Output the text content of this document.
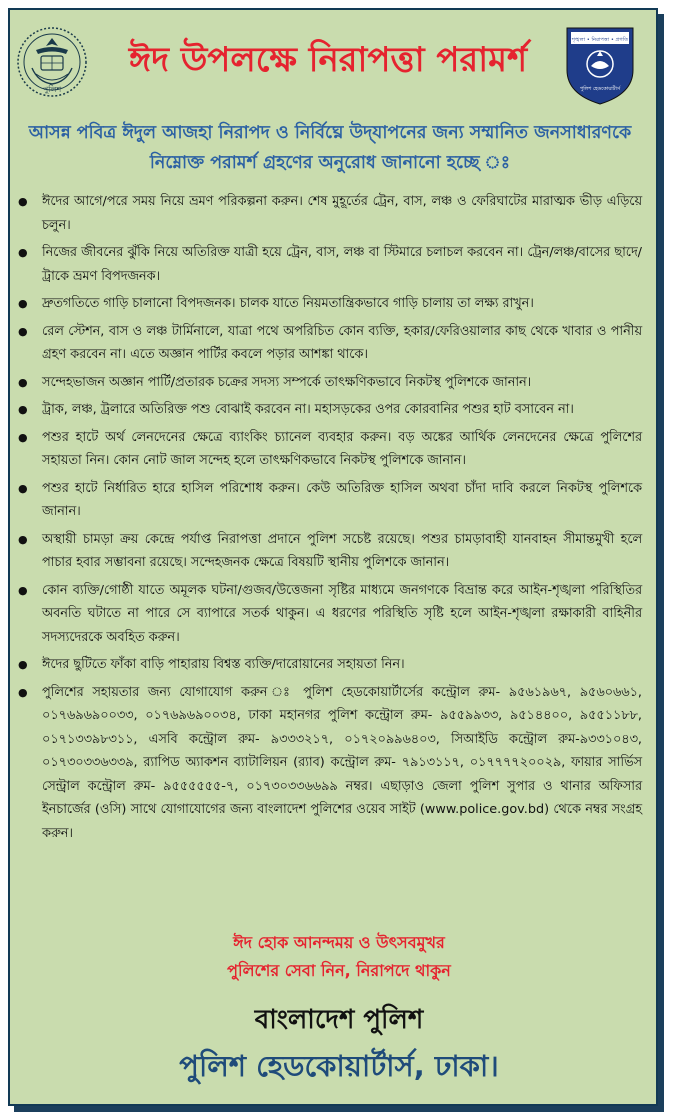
পুলিশ
ঈদ উপলক্ষে নিরাপত্তা পরামর্শ	শৃঙ্খলা • নিরাপত্তা • প্রগতি
পুলিশ হেডকোয়ার্টার্স
আসন্ন পবিত্র ঈদুল আজহা নিরাপদ ও নির্বিঘ্নে উদ্‌যাপনের জন্য সম্মানিত জনসাধারণকে নিম্নোক্ত পরামর্শ গ্রহণের অনুরোধ জানানো হচ্ছে ঃ
● ঈদের আগে/পরে সময় নিয়ে ভ্রমণ পরিকল্পনা করুন। শেষ মুহূর্তের ট্রেন, বাস, লঞ্চ ও ফেরিঘাটের মারাত্মক ভীড় এড়িয়ে চলুন।
● নিজের জীবনের ঝুঁকি নিয়ে অতিরিক্ত যাত্রী হয়ে ট্রেন, বাস, লঞ্চ বা স্টিমারে চলাচল করবেন না। ট্রেন/লঞ্চ/বাসের ছাদে/ট্রাকে ভ্রমণ বিপদজনক।
● দ্রুতগতিতে গাড়ি চালানো বিপদজনক। চালক যাতে নিয়মতান্ত্রিকভাবে গাড়ি চালায় তা লক্ষ্য রাখুন।
● রেল স্টেশন, বাস ও লঞ্চ টার্মিনালে, যাত্রা পথে অপরিচিত কোন ব্যক্তি, হকার/ফেরিওয়ালার কাছ থেকে খাবার ও পানীয় গ্রহণ করবেন না। এতে অজ্ঞান পার্টির কবলে পড়ার আশঙ্কা থাকে।
● সন্দেহভাজন অজ্ঞান পার্টি/প্রতারক চক্রের সদস্য সম্পর্কে তাৎক্ষণিকভাবে নিকটস্থ পুলিশকে জানান।
● ট্রাক, লঞ্চ, ট্রলারে অতিরিক্ত পশু বোঝাই করবেন না। মহাসড়কের ওপর কোরবানির পশুর হাট বসাবেন না।
● পশুর হাটে অর্থ লেনদেনের ক্ষেত্রে ব্যাংকিং চ্যানেল ব্যবহার করুন। বড় অঙ্কের আর্থিক লেনদেনের ক্ষেত্রে পুলিশের সহায়তা নিন। কোন নোট জাল সন্দেহ হলে তাৎক্ষণিকভাবে নিকটস্থ পুলিশকে জানান।
● পশুর হাটে নির্ধারিত হারে হাসিল পরিশোধ করুন। কেউ অতিরিক্ত হাসিল অথবা চাঁদা দাবি করলে নিকটস্থ পুলিশকে জানান।
● অস্থায়ী চামড়া ক্রয় কেন্দ্রে পর্যাপ্ত নিরাপত্তা প্রদানে পুলিশ সচেষ্ট রয়েছে। পশুর চামড়াবাহী যানবাহন সীমান্তমুখী হলে পাচার হবার সম্ভাবনা রয়েছে। সন্দেহজনক ক্ষেত্রে বিষয়টি স্থানীয় পুলিশকে জানান।
● কোন ব্যক্তি/গোষ্ঠী যাতে অমূলক ঘটনা/গুজব/উত্তেজনা সৃষ্টির মাধ্যমে জনগণকে বিভ্রান্ত করে আইন-শৃঙ্খলা পরিস্থিতির অবনতি ঘটাতে না পারে সে ব্যাপারে সতর্ক থাকুন। এ ধরণের পরিস্থিতি সৃষ্টি হলে আইন-শৃঙ্খলা রক্ষাকারী বাহিনীর সদস্যদেরকে অবহিত করুন।
● ঈদের ছুটিতে ফাঁকা বাড়ি পাহারায় বিশ্বস্ত ব্যক্তি/দারোয়ানের সহায়তা নিন।
● পুলিশের সহায়তার জন্য যোগাযোগ করুন ঃ পুলিশ হেডকোয়ার্টার্সের কন্ট্রোল রুম- ৯৫৬১৯৬৭, ৯৫৬০৬৬১, ০১৭৬৯৬৯০০৩৩, ০১৭৬৯৬৯০০৩৪, ঢাকা মহানগর পুলিশ কন্ট্রোল রুম- ৯৫৫৯৯৩৩, ৯৫১৪৪০০, ৯৫৫১১৮৮, ০১৭১৩৩৯৮৩১১, এসবি কন্ট্রোল রুম- ৯৩৩৩২১৭, ০১৭২০৯৯৬৪০৩, সিআইডি কন্ট্রোল রুম-৯৩৩১০৪৩, ০১৭৩০৩৩৬৩৩৯, র‍্যাপিড অ্যাকশন ব্যাটালিয়ন (র‍্যাব) কন্ট্রোল রুম- ৭৯১৩১১৭, ০১৭৭৭৭২০০২৯, ফায়ার সার্ভিস সেন্ট্রাল কন্ট্রোল রুম- ৯৫৫৫৫৫৫-৭, ০১৭৩০৩৩৬৬৯৯ নম্বর। এছাড়াও জেলা পুলিশ সুপার ও থানার অফিসার ইনচার্জের (ওসি) সাথে যোগাযোগের জন্য বাংলাদেশ পুলিশের ওয়েব সাইট (www.police.gov.bd) থেকে নম্বর সংগ্রহ করুন।
ঈদ হোক আনন্দময় ও উৎসবমুখর
পুলিশের সেবা নিন, নিরাপদে থাকুন
বাংলাদেশ পুলিশ
পুলিশ হেডকোয়ার্টার্স, ঢাকা।
